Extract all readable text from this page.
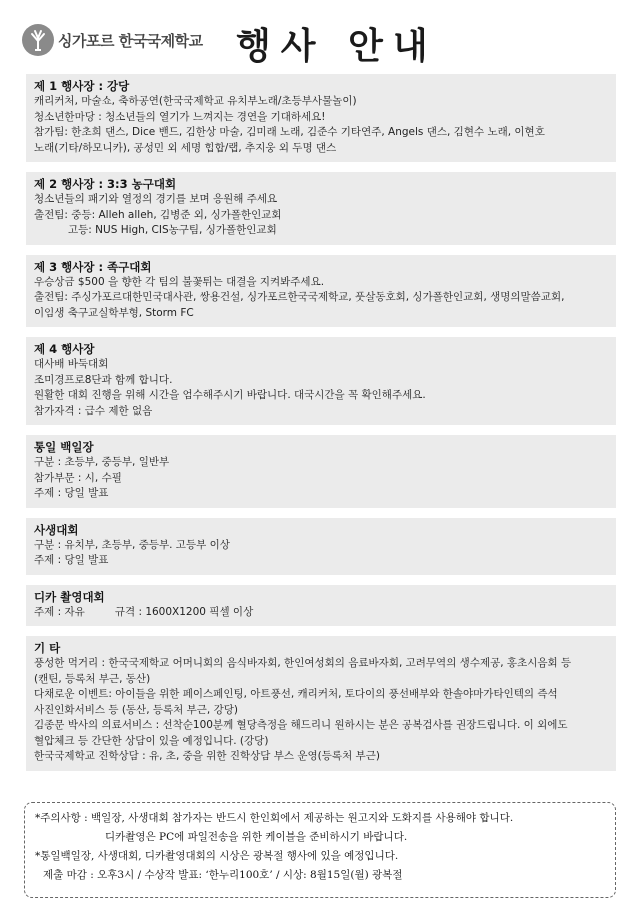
싱가포르 한국국제학교 행사 안내
제 1 행사장 : 강당
캐리커처, 마술쇼, 축하공연(한국국제학교 유치부노래/초등부사물놀이)
청소년한마당 : 청소년들의 열기가 느껴지는 경연을 기대하세요!
참가팀: 한초희 댄스, Dice 밴드, 김한상 마술, 김미래 노래, 김준수 기타연주, Angels 댄스, 김현수 노래, 이현호
노래(기타/하모니카), 공성민 외 세명 힙합/랩, 추지웅 외 두명 댄스
제 2 행사장 : 3:3 농구대회
청소년들의 패기와 열정의 경기를 보며 응원해 주세요
출전팀: 중등: Alleh alleh, 김병준 외, 싱가폴한인교회
고등: NUS High, CIS농구팀, 싱가폴한인교회
제 3 행사장 : 족구대회
우승상금 $500 을 향한 각 팀의 불꽃튀는 대결을 지켜봐주세요.
출전팀: 주싱가포르대한민국대사관, 쌍용건설, 싱가포르한국국제학교, 풋살동호회, 싱가폴한인교회, 생명의말씀교회,
이임생 축구교실학부형, Storm FC
제 4 행사장
대사배 바둑대회
조미경프로8단과 함께 합니다.
원활한 대회 진행을 위해 시간을 엄수해주시기 바랍니다. 대국시간을 꼭 확인해주세요.
참가자격 : 급수 제한 없음
통일 백일장
구분 : 초등부, 중등부, 일반부
참가부문 : 시, 수필
주제 : 당일 발표
사생대회
구분 : 유치부, 초등부, 중등부. 고등부 이상
주제 : 당일 발표
디카 촬영대회
주제 : 자유         규격 : 1600X1200 픽셀 이상
기 타
풍성한 먹거리 : 한국국제학교 어머니회의 음식바자회, 한인여성회의 음료바자회, 고려무역의 생수제공, 홍초시음회 등
(캔틴, 등록처 부근, 동산)
다채로운 이벤트: 아이들을 위한 페이스페인팅, 아트풍선, 캐리커처, 토다이의 풍선배부와 한솔야마가타인텍의 즉석
사진인화서비스 등 (동산, 등록처 부근, 강당)
김종문 박사의 의료서비스 : 선착순100분께 혈당측정을 해드리니 원하시는 분은 공복검사를 권장드립니다. 이 외에도
혈압체크 등 간단한 상담이 있을 예정입니다. (강당)
한국국제학교 진학상담 : 유, 초, 중을 위한 진학상담 부스 운영(등록처 부근)
*주의사항 : 백일장, 사생대회 참가자는 반드시 한인회에서 제공하는 원고지와 도화지를 사용해야 합니다.
디카촬영은 PC에 파일전송을 위한 케이블을 준비하시기 바랍니다.
*통일백일장, 사생대회, 디카촬영대회의 시상은 광복절 행사에 있을 예정입니다.
제출 마감 : 오후3시 / 수상작 발표: ‘한누리100호’ / 시상: 8월15일(월) 광복절
